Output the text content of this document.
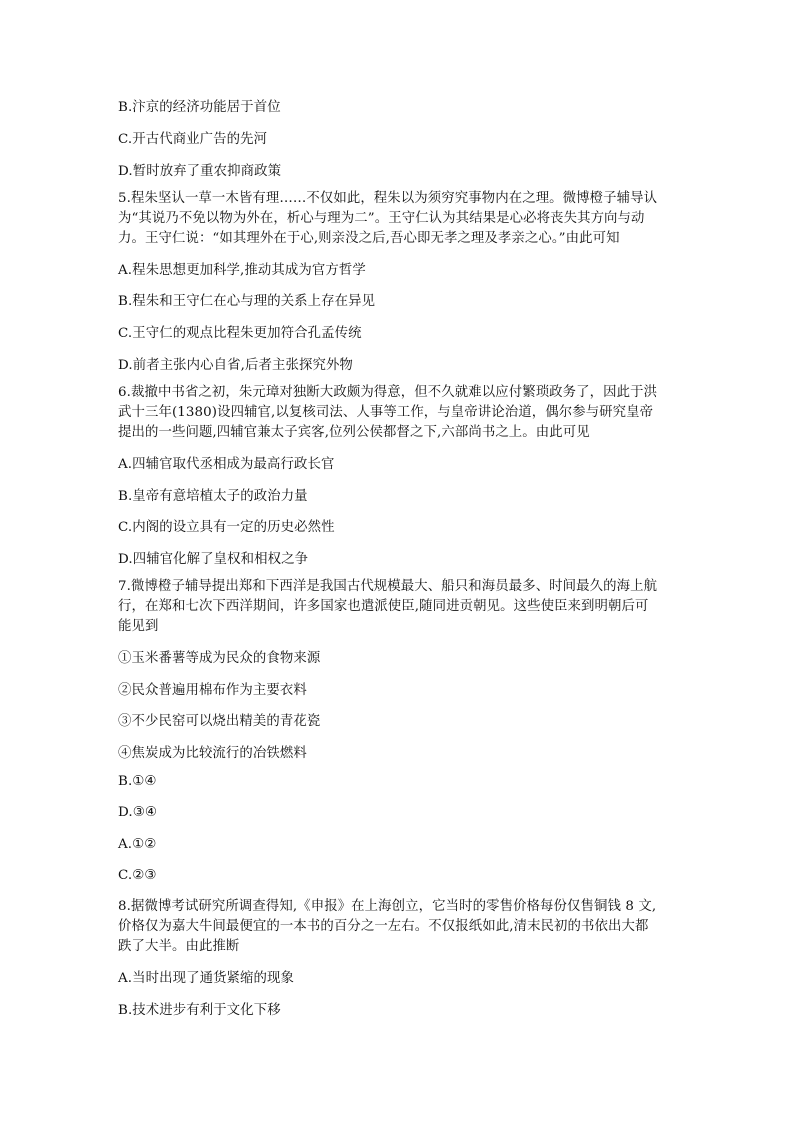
B.汴京的经济功能居于首位
C.开古代商业广告的先河
D.暂时放弃了重农抑商政策
5.程朱坚认一草一木皆有理……不仅如此，程朱以为须穷究事物内在之理。微博橙子辅导认
为“其说乃不免以物为外在，析心与理为二”。王守仁认为其结果是心必将丧失其方向与动
力。王守仁说：“如其理外在于心,则亲没之后,吾心即无孝之理及孝亲之心。”由此可知
A.程朱思想更加科学,推动其成为官方哲学
B.程朱和王守仁在心与理的关系上存在异见
C.王守仁的观点比程朱更加符合孔孟传统
D.前者主张内心自省,后者主张探究外物
6.裁撤中书省之初，朱元璋对独断大政颇为得意，但不久就难以应付繁琐政务了，因此于洪
武十三年(1380)设四辅官,以复核司法、人事等工作，与皇帝讲论治道，偶尔参与研究皇帝
提出的一些问题,四辅官兼太子宾客,位列公侯都督之下,六部尚书之上。由此可见
A.四辅官取代丞相成为最高行政长官
B.皇帝有意培植太子的政治力量
C.内阁的设立具有一定的历史必然性
D.四辅官化解了皇权和相权之争
7.微博橙子辅导提出郑和下西洋是我国古代规模最大、船只和海员最多、时间最久的海上航
行，在郑和七次下西洋期间，许多国家也遣派使臣,随同进贡朝见。这些使臣来到明朝后可
能见到
①玉米番薯等成为民众的食物来源
②民众普遍用棉布作为主要衣料
③不少民窑可以烧出精美的青花瓷
④焦炭成为比较流行的冶铁燃料
B.①④
D.③④
A.①②
C.②③
8.据微博考试研究所调查得知,《申报》在上海创立，它当时的零售价格每份仅售铜钱 8 文,
价格仅为嘉大牛间最便宜的一本书的百分之一左右。不仅报纸如此,清末民初的书依出大都
跌了大半。由此推断
A.当时出现了通货紧缩的现象
B.技术进步有利于文化下移
